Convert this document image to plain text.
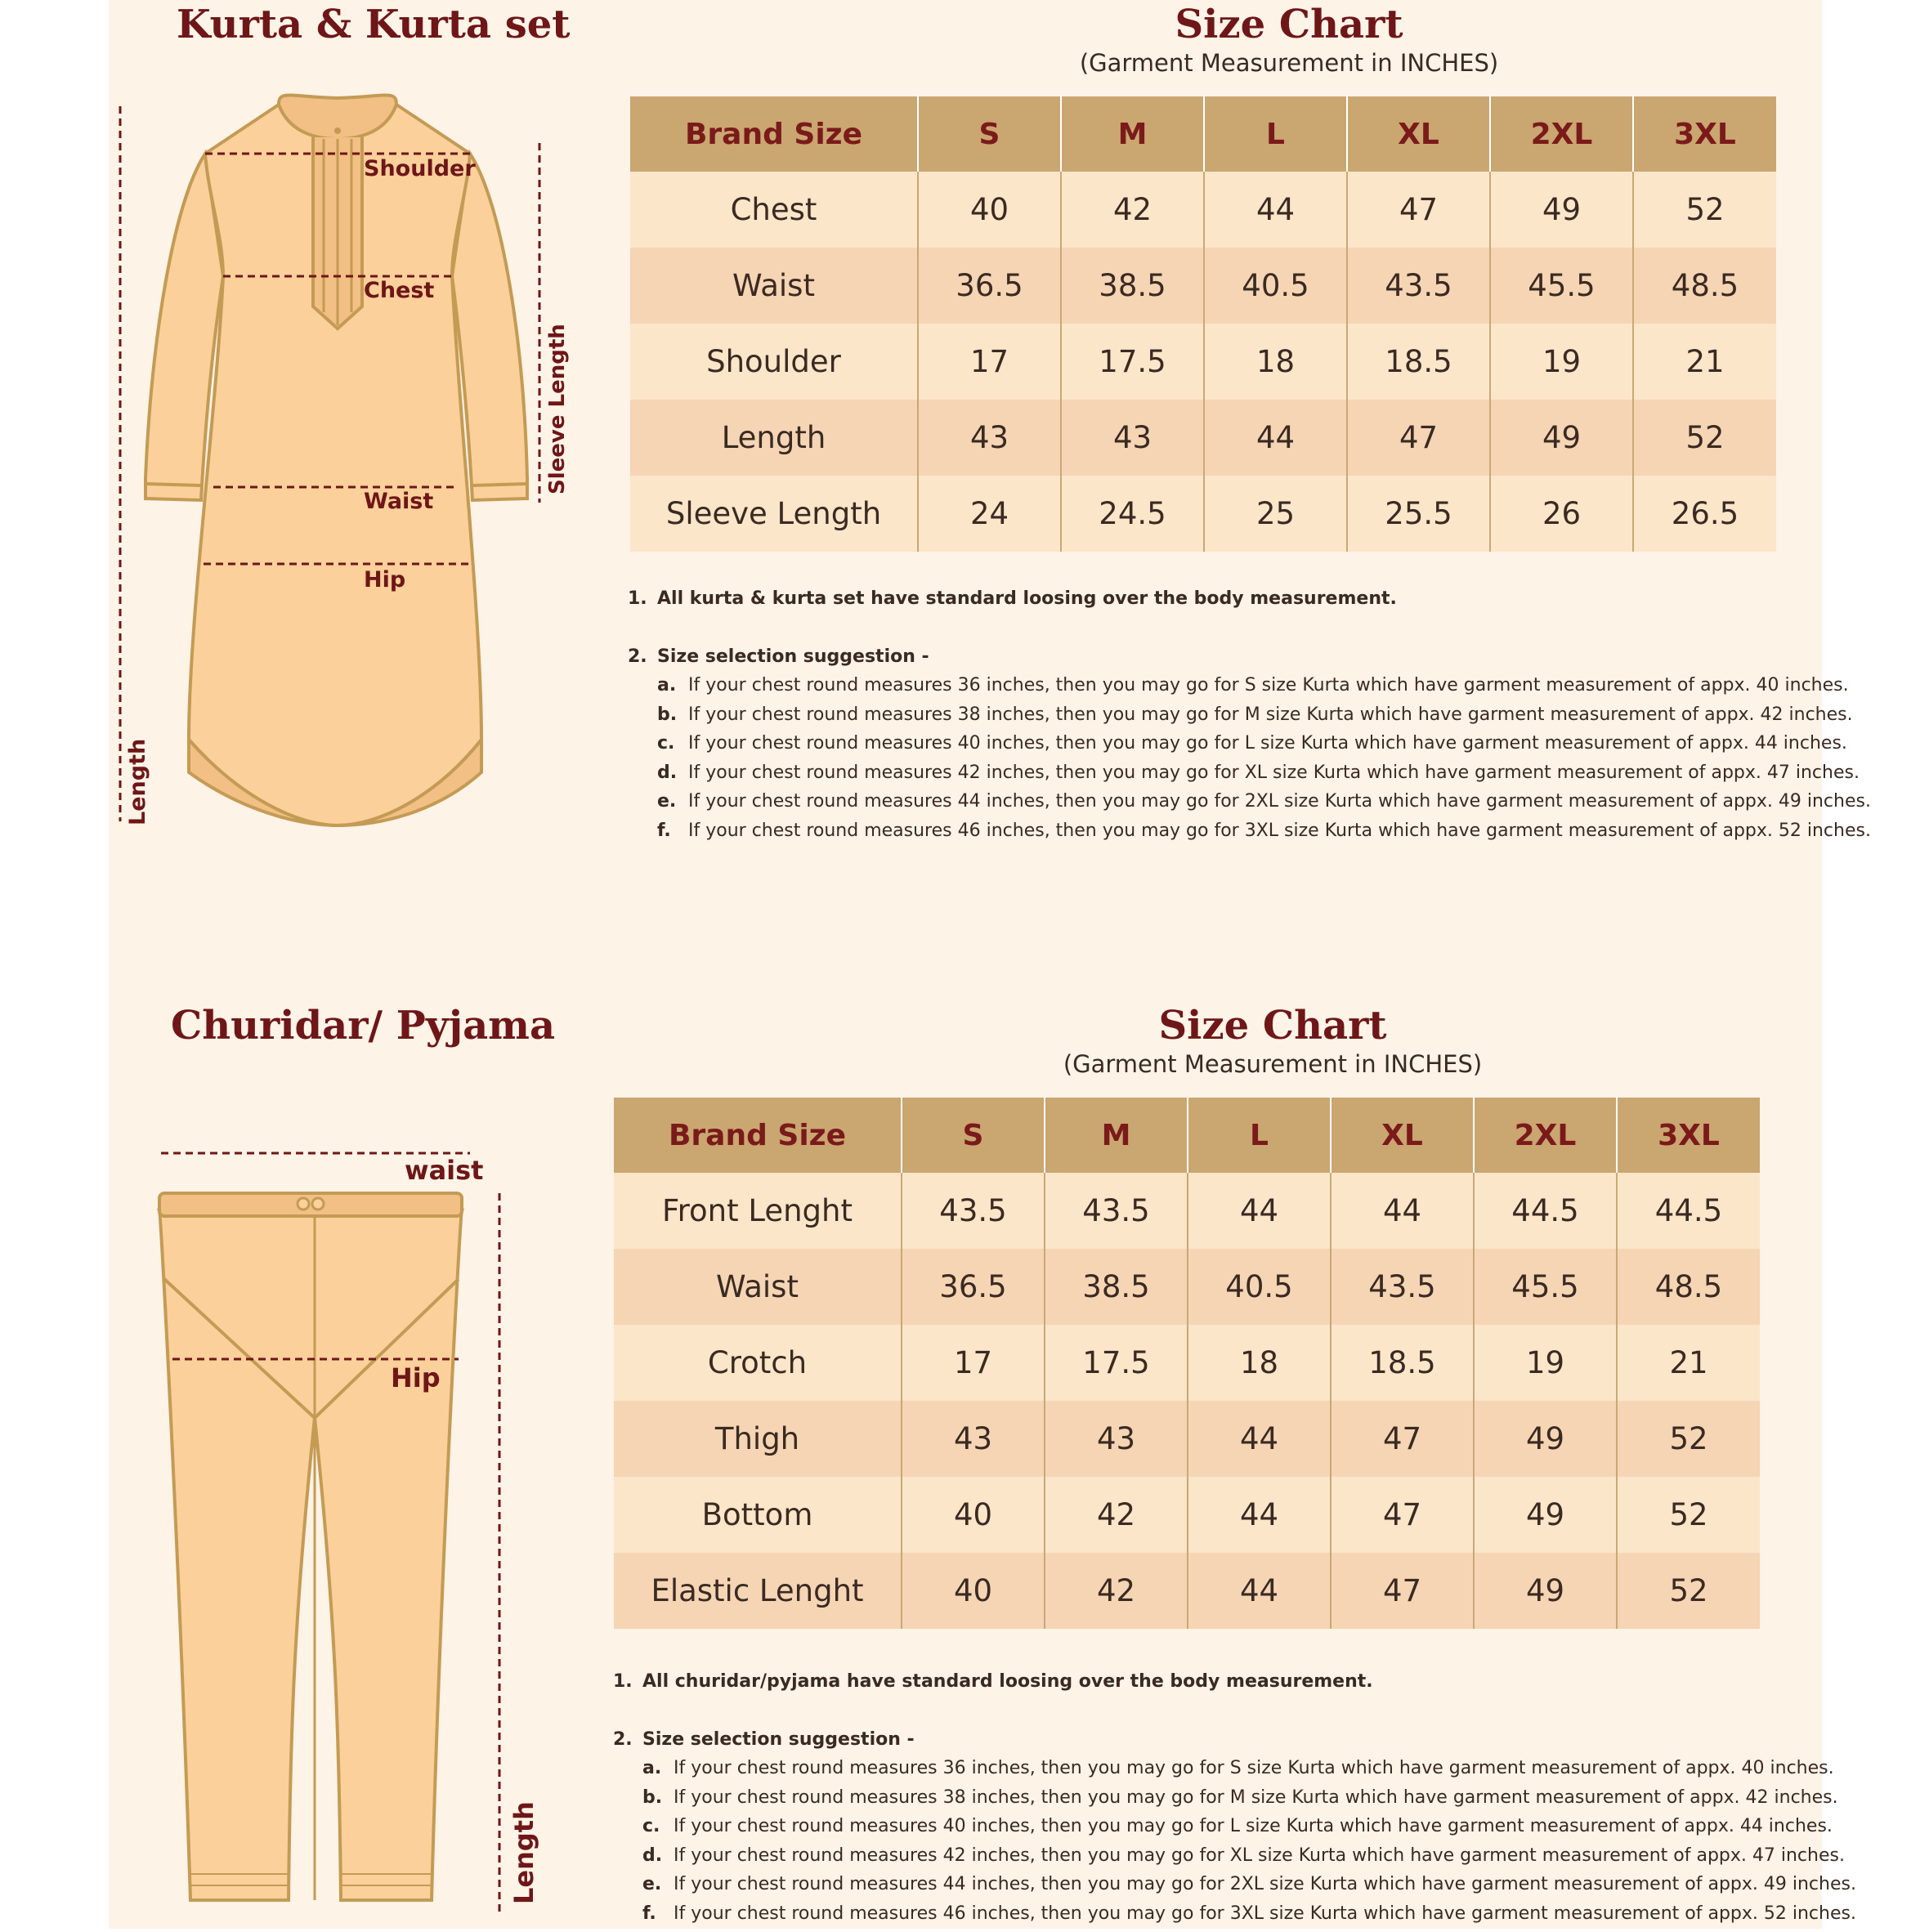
Kurta & Kurta set
Shoulder
Chest
Waist
Hip
Length
Sleeve Length
Size Chart
(Garment Measurement in INCHES)
Brand Size	S	M	L	XL	2XL	3XL
Chest	40	42	44	47	49	52
Waist	36.5	38.5	40.5	43.5	45.5	48.5
Shoulder	17	17.5	18	18.5	19	21
Length	43	43	44	47	49	52
Sleeve Length	24	24.5	25	25.5	26	26.5
1. All kurta & kurta set have standard loosing over the body measurement.
2. Size selection suggestion -
a. If your chest round measures 36 inches, then you may go for S size Kurta which have garment measurement of appx. 40 inches.
b. If your chest round measures 38 inches, then you may go for M size Kurta which have garment measurement of appx. 42 inches.
c. If your chest round measures 40 inches, then you may go for L size Kurta which have garment measurement of appx. 44 inches.
d. If your chest round measures 42 inches, then you may go for XL size Kurta which have garment measurement of appx. 47 inches.
e. If your chest round measures 44 inches, then you may go for 2XL size Kurta which have garment measurement of appx. 49 inches.
f. If your chest round measures 46 inches, then you may go for 3XL size Kurta which have garment measurement of appx. 52 inches.
Churidar/ Pyjama
waist
Hip
Length
Size Chart
(Garment Measurement in INCHES)
Brand Size	S	M	L	XL	2XL	3XL
Front Lenght	43.5	43.5	44	44	44.5	44.5
Waist	36.5	38.5	40.5	43.5	45.5	48.5
Crotch	17	17.5	18	18.5	19	21
Thigh	43	43	44	47	49	52
Bottom	40	42	44	47	49	52
Elastic Lenght	40	42	44	47	49	52
1. All churidar/pyjama have standard loosing over the body measurement.
2. Size selection suggestion -
a. If your chest round measures 36 inches, then you may go for S size Kurta which have garment measurement of appx. 40 inches.
b. If your chest round measures 38 inches, then you may go for M size Kurta which have garment measurement of appx. 42 inches.
c. If your chest round measures 40 inches, then you may go for L size Kurta which have garment measurement of appx. 44 inches.
d. If your chest round measures 42 inches, then you may go for XL size Kurta which have garment measurement of appx. 47 inches.
e. If your chest round measures 44 inches, then you may go for 2XL size Kurta which have garment measurement of appx. 49 inches.
f. If your chest round measures 46 inches, then you may go for 3XL size Kurta which have garment measurement of appx. 52 inches.
